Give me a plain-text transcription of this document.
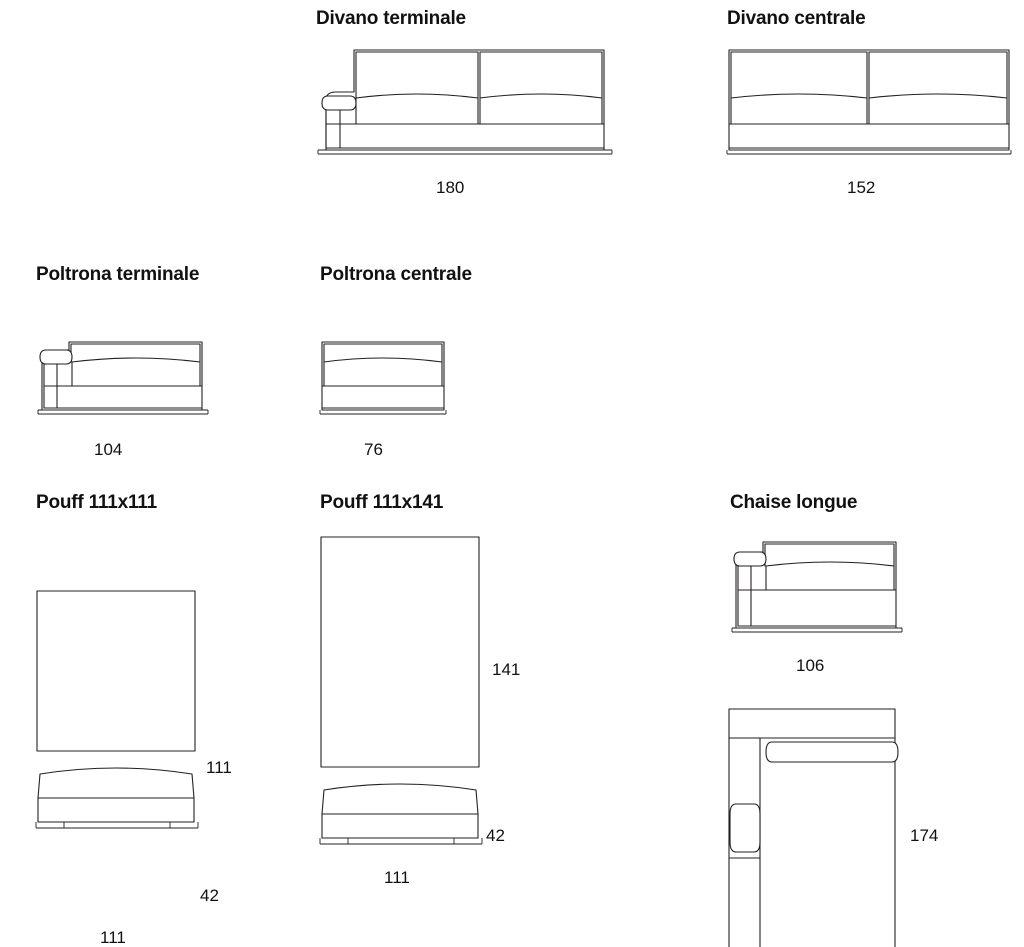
Divano terminale
180
Divano centrale
152
Poltrona terminale
104
Poltrona centrale
76
Pouff 111x111
111
42
111
Pouff 111x141
141
42
111
Chaise longue
106
174
